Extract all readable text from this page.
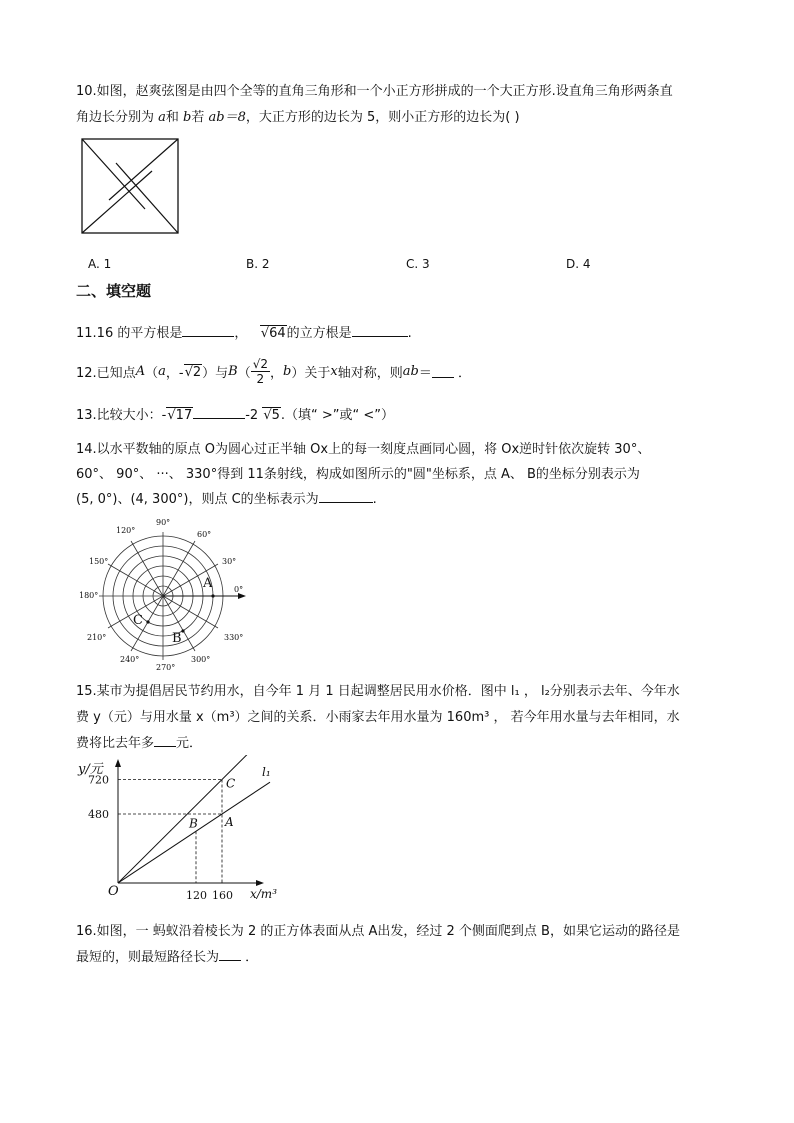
10.如图，赵爽弦图是由四个全等的直角三角形和一个小正方形拼成的一个大正方形.设直角三角形两条直
角边长分别为 a和 b若 ab＝8，大正方形的边长为 5，则小正方形的边长为( )
A. 1	B. 2	C. 3	D. 4
二、填空题
11.16 的平方根是	， √64的立方根是	.
12.已知点 A （ a ，- √2 ）与 B （ $\frac{√2}{2}$ ， b ）关于 x 轴对称，则 ab ＝
．
13.比较大小：-√17	-2 √5.（填“ >”或“ <”）
14.以水平数轴的原点 O为圆心过正半轴 Ox上的每一刻度点画同心圆，将 Ox逆时针依次旋转 30°、
60°、 90°、 ···、 330°得到 11条射线，构成如图所示的"圆"坐标系，点 A、 B的坐标分别表示为
(5, 0°)、(4, 300°)，则点 C的坐标表示为	.
90°
60°
30°
0°
330°
300°
270°
240°
210°
180°
150°
120°
A
B
C
15.某市为提倡居民节约用水，自今年 1 月 1 日起调整居民用水价格．图中 l₁ ， l₂分别表示去年、今年水
费 y（元）与用水量 x（m³）之间的关系．小雨家去年用水量为 160m³ ， 若今年用水量与去年相同，水
费将比去年多 元．
y/元
x/m³
O
l₁
480
720
120 160
B
C
A
16.如图，一 蚂蚁沿着棱长为 2 的正方体表面从点 A出发，经过 2 个侧面爬到点 B，如果它运动的路径是
最短的，则最短路径长为 ．
